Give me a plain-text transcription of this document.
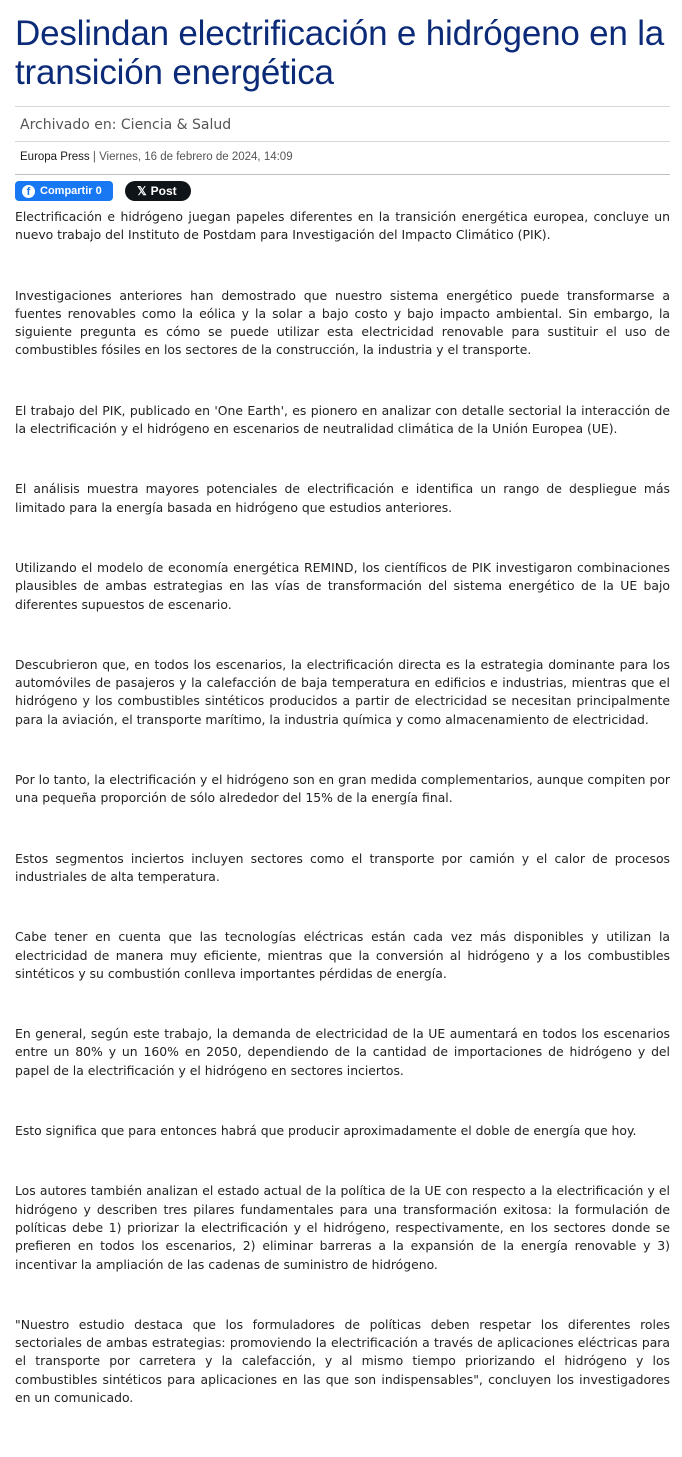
Deslindan electrificación e hidrógeno en la transición energética
Archivado en: Ciencia & Salud
Europa Press | Viernes, 16 de febrero de 2024, 14:09
f Compartir 0	𝕏 Post

Electrificación e hidrógeno juegan papeles diferentes en la transición energética europea, concluye un nuevo trabajo del Instituto de Postdam para Investigación del Impacto Climático (PIK).

Investigaciones anteriores han demostrado que nuestro sistema energético puede transformarse a fuentes renovables como la eólica y la solar a bajo costo y bajo impacto ambiental. Sin embargo, la siguiente pregunta es cómo se puede utilizar esta electricidad renovable para sustituir el uso de combustibles fósiles en los sectores de la construcción, la industria y el transporte.

El trabajo del PIK, publicado en 'One Earth', es pionero en analizar con detalle sectorial la interacción de la electrificación y el hidrógeno en escenarios de neutralidad climática de la Unión Europea (UE).

El análisis muestra mayores potenciales de electrificación e identifica un rango de despliegue más limitado para la energía basada en hidrógeno que estudios anteriores.

Utilizando el modelo de economía energética REMIND, los científicos de PIK investigaron combinaciones plausibles de ambas estrategias en las vías de transformación del sistema energético de la UE bajo diferentes supuestos de escenario.

Descubrieron que, en todos los escenarios, la electrificación directa es la estrategia dominante para los automóviles de pasajeros y la calefacción de baja temperatura en edificios e industrias, mientras que el hidrógeno y los combustibles sintéticos producidos a partir de electricidad se necesitan principalmente para la aviación, el transporte marítimo, la industria química y como almacenamiento de electricidad.

Por lo tanto, la electrificación y el hidrógeno son en gran medida complementarios, aunque compiten por una pequeña proporción de sólo alrededor del 15% de la energía final.

Estos segmentos inciertos incluyen sectores como el transporte por camión y el calor de procesos industriales de alta temperatura.

Cabe tener en cuenta que las tecnologías eléctricas están cada vez más disponibles y utilizan la electricidad de manera muy eficiente, mientras que la conversión al hidrógeno y a los combustibles sintéticos y su combustión conlleva importantes pérdidas de energía.

En general, según este trabajo, la demanda de electricidad de la UE aumentará en todos los escenarios entre un 80% y un 160% en 2050, dependiendo de la cantidad de importaciones de hidrógeno y del papel de la electrificación y el hidrógeno en sectores inciertos.

Esto significa que para entonces habrá que producir aproximadamente el doble de energía que hoy.

Los autores también analizan el estado actual de la política de la UE con respecto a la electrificación y el hidrógeno y describen tres pilares fundamentales para una transformación exitosa: la formulación de políticas debe 1) priorizar la electrificación y el hidrógeno, respectivamente, en los sectores donde se prefieren en todos los escenarios, 2) eliminar barreras a la expansión de la energía renovable y 3) incentivar la ampliación de las cadenas de suministro de hidrógeno.

"Nuestro estudio destaca que los formuladores de políticas deben respetar los diferentes roles sectoriales de ambas estrategias: promoviendo la electrificación a través de aplicaciones eléctricas para el transporte por carretera y la calefacción, y al mismo tiempo priorizando el hidrógeno y los combustibles sintéticos para aplicaciones en las que son indispensables", concluyen los investigadores en un comunicado.
